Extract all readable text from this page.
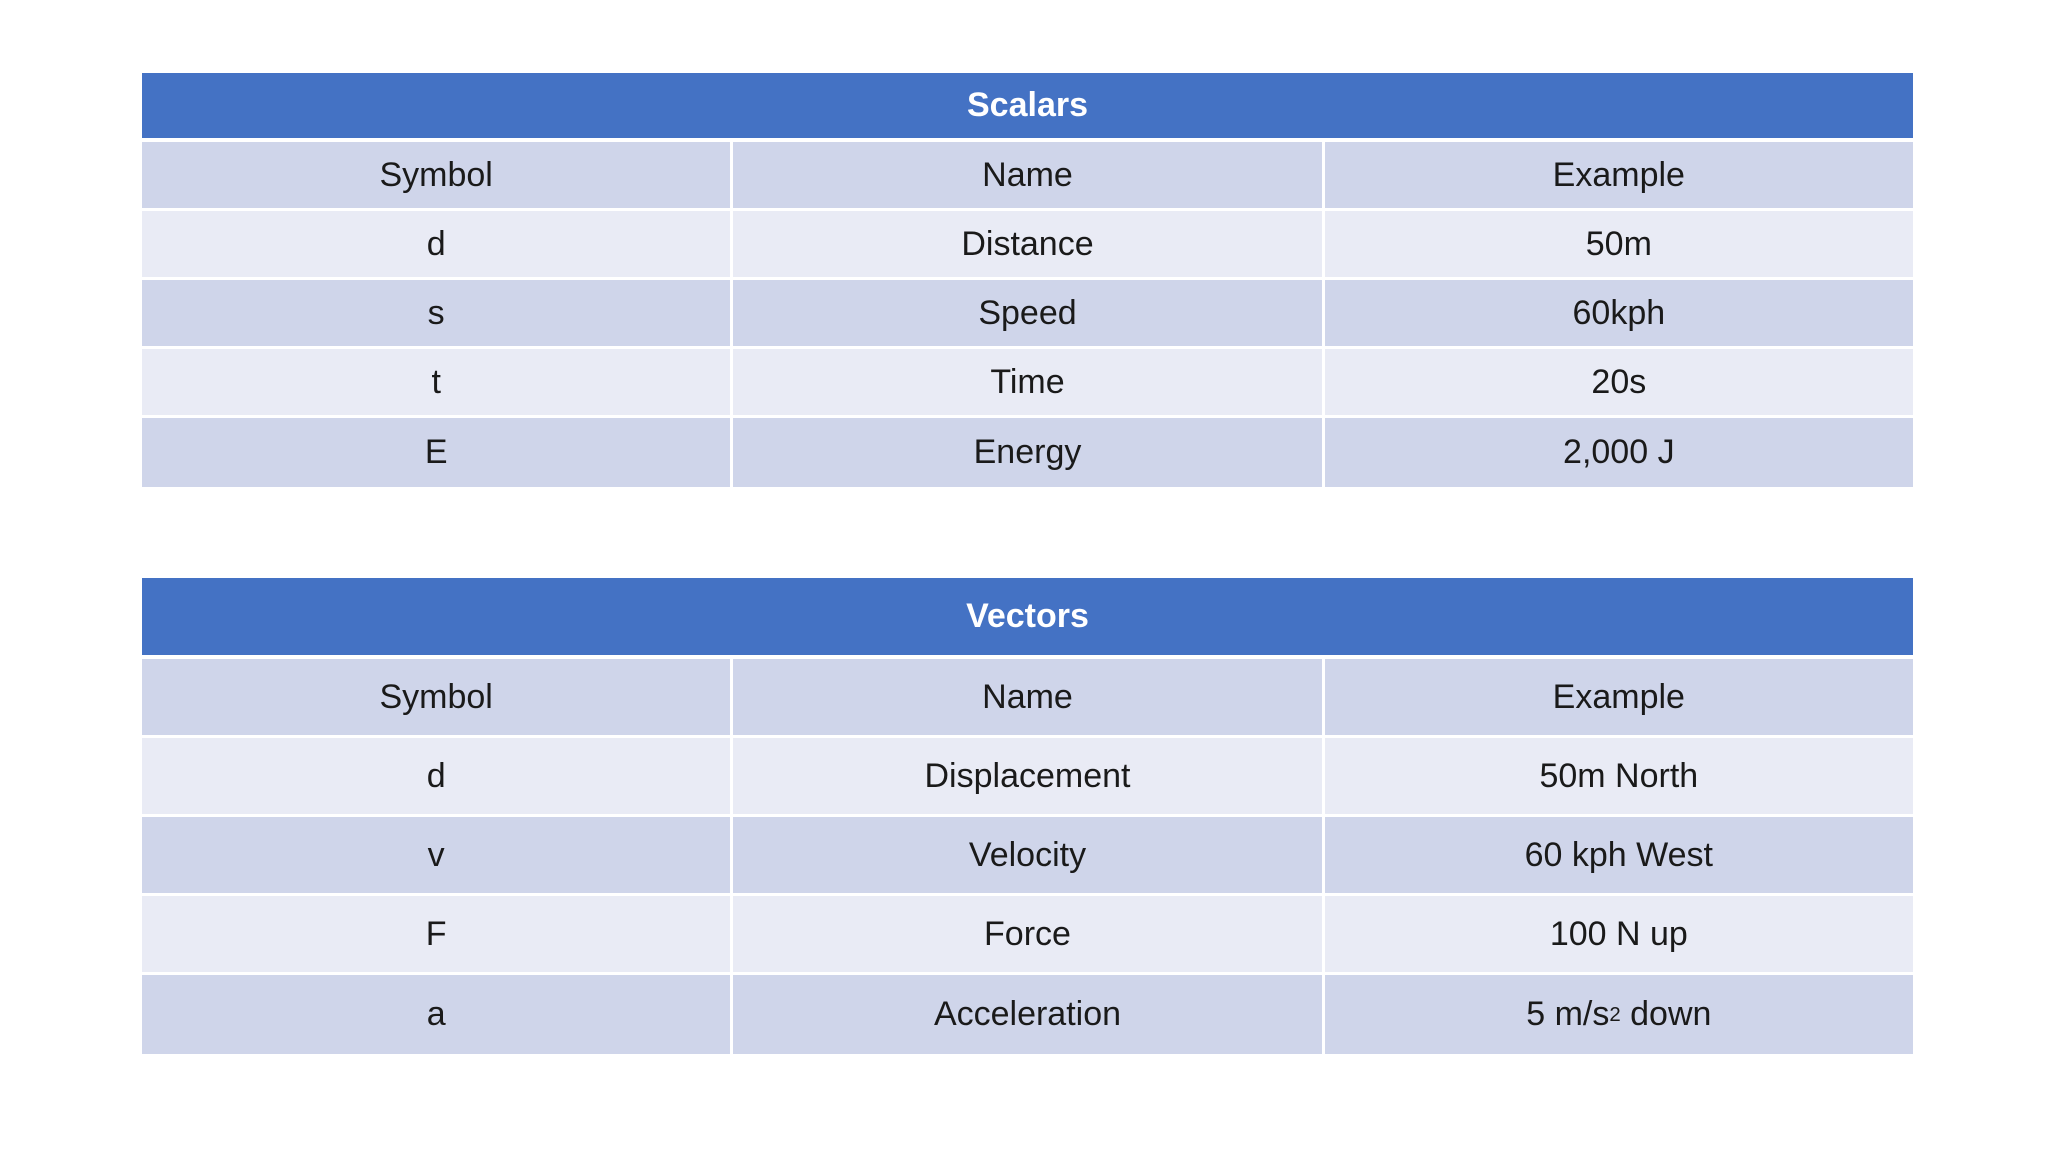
Scalars
Symbol	Name	Example
d	Distance	50m
s	Speed	60kph
t	Time	20s
E	Energy	2,000 J
Vectors
Symbol	Name	Example
d	Displacement	50m North
v	Velocity	60 kph West
F	Force	100 N up
a	Acceleration	5 m/s 2 down
